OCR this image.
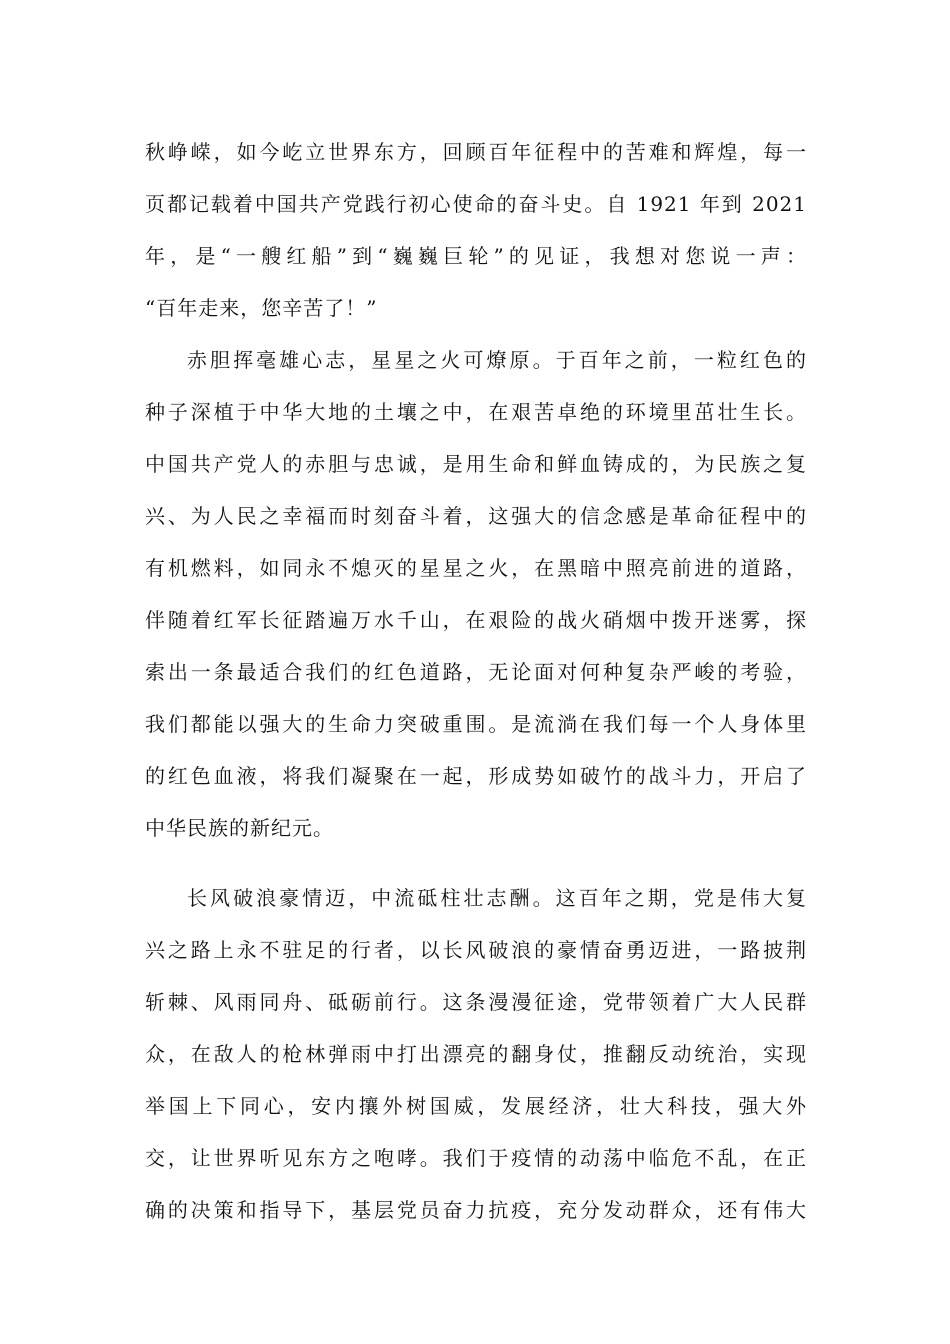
秋峥嵘，如今屹立世界东方，回顾百年征程中的苦难和辉煌，每一
页都记载着中国共产党践行初心使命的奋斗史。自 1921 年到 2021
年，是“一艘红船”到“巍巍巨轮”的见证，我想对您说一声：
“百年走来，您辛苦了！”
赤胆挥毫雄心志，星星之火可燎原。于百年之前，一粒红色的
种子深植于中华大地的土壤之中，在艰苦卓绝的环境里茁壮生长。
中国共产党人的赤胆与忠诚，是用生命和鲜血铸成的，为民族之复
兴、为人民之幸福而时刻奋斗着，这强大的信念感是革命征程中的
有机燃料，如同永不熄灭的星星之火，在黑暗中照亮前进的道路，
伴随着红军长征踏遍万水千山，在艰险的战火硝烟中拨开迷雾，探
索出一条最适合我们的红色道路，无论面对何种复杂严峻的考验，
我们都能以强大的生命力突破重围。是流淌在我们每一个人身体里
的红色血液，将我们凝聚在一起，形成势如破竹的战斗力，开启了
中华民族的新纪元。
长风破浪豪情迈，中流砥柱壮志酬。这百年之期，党是伟大复
兴之路上永不驻足的行者，以长风破浪的豪情奋勇迈进，一路披荆
斩棘、风雨同舟、砥砺前行。这条漫漫征途，党带领着广大人民群
众，在敌人的枪林弹雨中打出漂亮的翻身仗，推翻反动统治，实现
举国上下同心，安内攘外树国威，发展经济，壮大科技，强大外
交，让世界听见东方之咆哮。我们于疫情的动荡中临危不乱，在正
确的决策和指导下，基层党员奋力抗疫，充分发动群众，还有伟大
